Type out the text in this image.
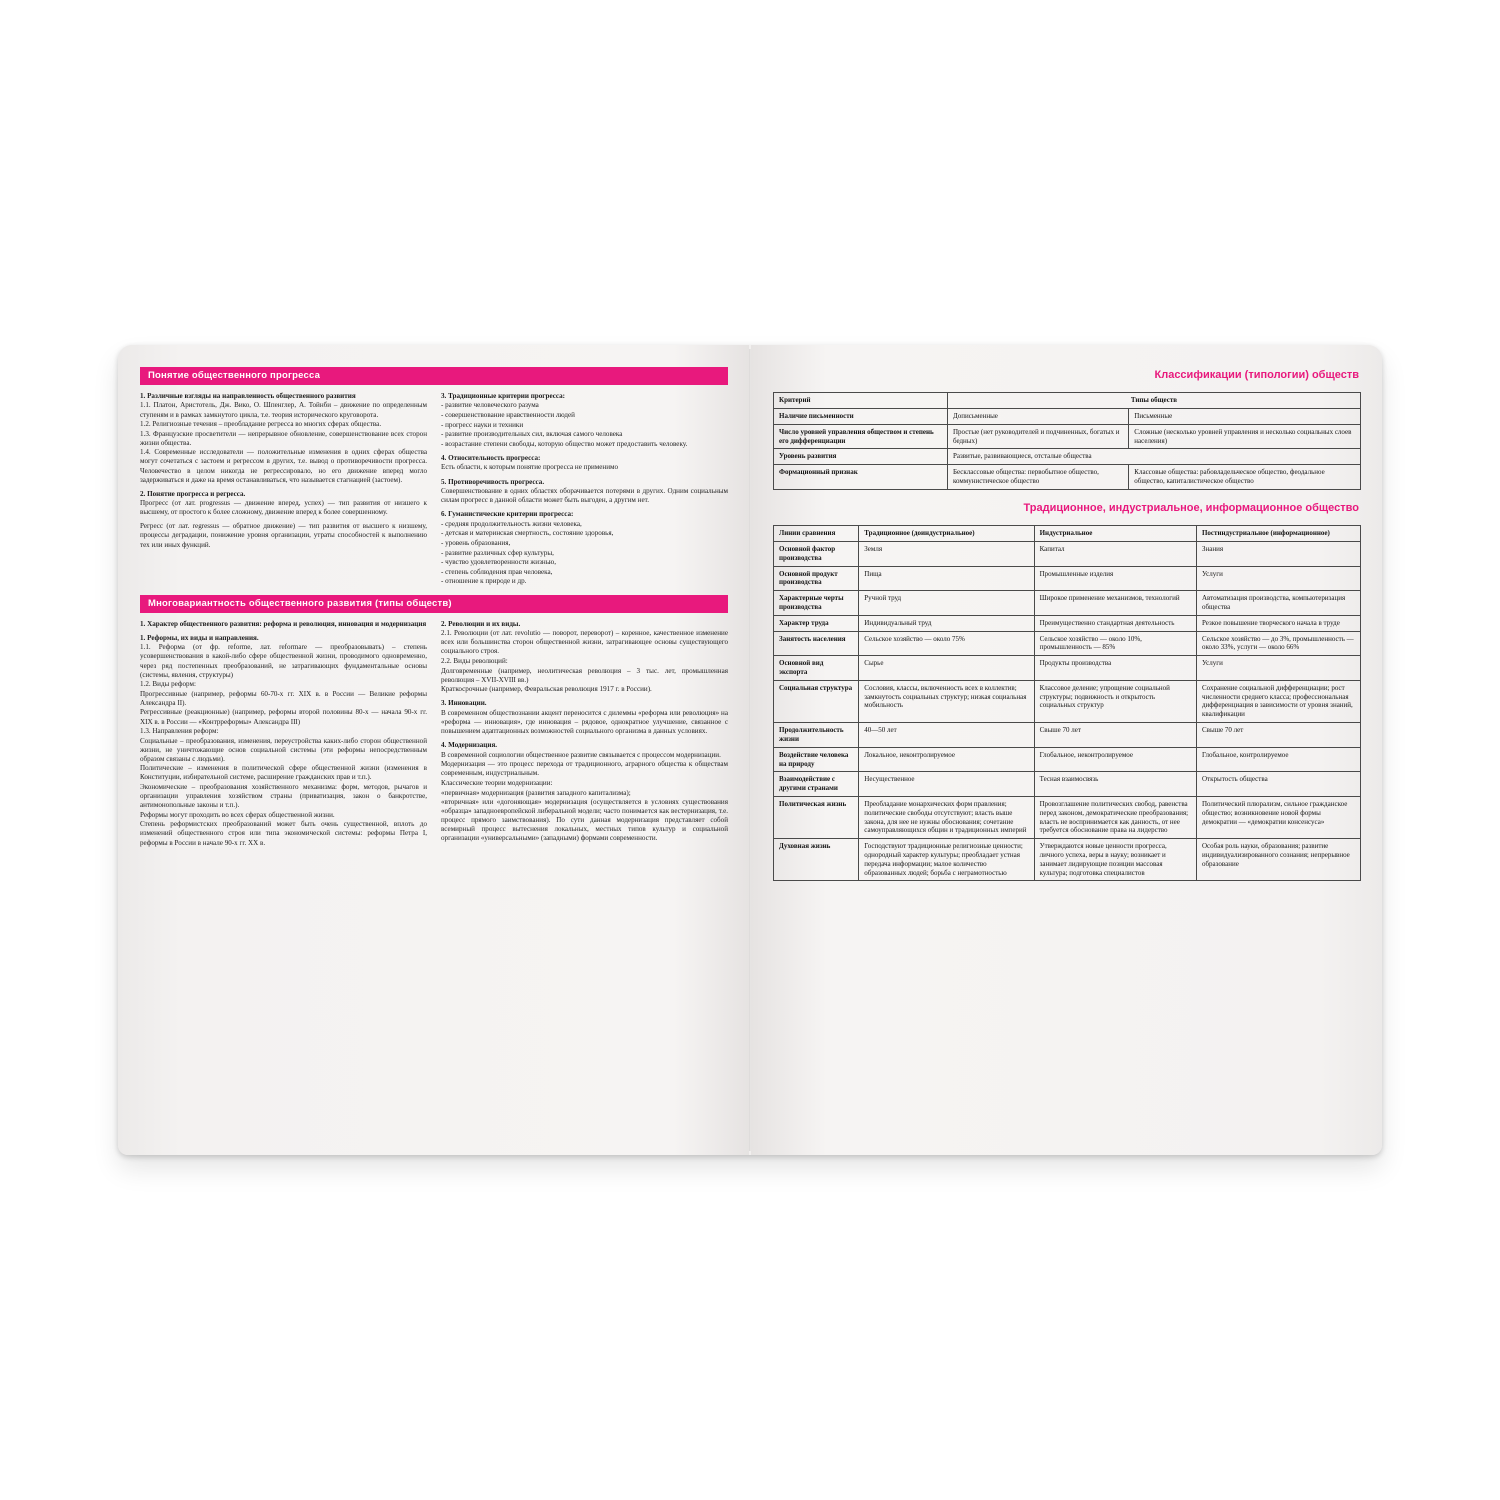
Понятие общественного прогресса

1. Различные взгляды на направленность общественного развития

1.1. Платон, Аристотель, Дж. Вико, О. Шпенглер, А. Тойнби – движение по определенным ступеням и в рамках замкнутого цикла, т.е. теория исторического круговорота.

1.2. Религиозные течения – преобладание регресса во многих сферах общества.

1.3. Французские просветители — непрерывное обновление, совершенствование всех сторон жизни общества.

1.4. Современные исследователи — положительные изменения в одних сферах общества могут сочетаться с застоем и регрессом в других, т.е. вывод о противоречивости прогресса. Человечество в целом никогда не регрессировало, но его движение вперед могло задерживаться и даже на время останавливаться, что называется стагнацией (застоем).

2. Понятие прогресса и регресса.

Прогресс (от лат. progressus — движение вперед, успех) — тип развития от низшего к высшему, от простого к более сложному, движение вперед к более совершенному.

Регресс (от лат. regressus — обратное движение) — тип развития от высшего к низшему, процессы деградации, понижение уровня организации, утраты способностей к выполнению тех или иных функций.

3. Традиционные критерии прогресса:

- развитие человеческого разума

- совершенствование нравственности людей

- прогресс науки и техники

- развитие производительных сил, включая самого человека

- возрастание степени свободы, которую общество может предоставить человеку.

4. Относительность прогресса:

Есть области, к которым понятие прогресса не применимо

5. Противоречивость прогресса.

Совершенствование в одних областях оборачивается потерями в других. Одним социальным силам прогресс в данной области может быть выгоден, а другим нет.

6. Гуманистические критерии прогресса:

- средняя продолжительность жизни человека,

- детская и материнская смертность, состояние здоровья,

- уровень образования,

- развитие различных сфер культуры,

- чувство удовлетворенности жизнью,

- степень соблюдения прав человека,

- отношение к природе и др.

Многовариантность общественного развития (типы обществ)

1. Характер общественного развития: реформа и революция, инновация и модернизация

1. Реформы, их виды и направления.

1.1. Реформа (от фр. reforme, лат. reformare — преобразовывать) – степень усовершенствования в какой-либо сфере общественной жизни, проводимого одновременно, через ряд постепенных преобразований, не затрагивающих фундаментальные основы (системы, явления, структуры)

1.2. Виды реформ:

Прогрессивные (например, реформы 60-70-х гг. XIX в. в России — Великие реформы Александра II).

Регрессивные (реакционные) (например, реформы второй половины 80-х — начала 90-х гг. XIX в. в России — «Контрреформы» Александра III)

1.3. Направления реформ:

Социальные – преобразования, изменения, переустройства каких-либо сторон общественной жизни, не уничтожающие основ социальной системы (эти реформы непосредственным образом связаны с людьми).

Политические – изменения в политической сфере общественной жизни (изменения в Конституции, избирательной системе, расширение гражданских прав и т.п.).

Экономические – преобразования хозяйственного механизма: форм, методов, рычагов и организации управления хозяйством страны (приватизация, закон о банкротстве, антимонопольные законы и т.п.).

Реформы могут проходить во всех сферах общественной жизни.

Степень реформистских преобразований может быть очень существенной, вплоть до изменений общественного строя или типа экономической системы: реформы Петра I, реформы в России в начале 90-х гг. XX в.

2. Революции и их виды.

2.1. Революции (от лат. revolutio — поворот, переворот) – коренное, качественное изменение всех или большинства сторон общественной жизни, затрагивающее основы существующего социального строя.

2.2. Виды революций:

Долговременные (например, неолитическая революция – 3 тыс. лет, промышленная революция – XVII-XVIII вв.)

Краткосрочные (например, Февральская революция 1917 г. в России).

3. Инновации.

В современном обществознании акцент переносится с дилеммы «реформа или революция» на «реформа — инновация», где инновация – рядовое, однократное улучшение, связанное с повышением адаптационных возможностей социального организма в данных условиях.

4. Модернизация.

В современной социологии общественное развитие связывается с процессом модернизации.

Модернизация — это процесс перехода от традиционного, аграрного общества к обществам современным, индустриальным.

Классические теории модернизации:

«первичная» модернизация (развития западного капитализма);

«вторичная» или «догоняющая» модернизация (осуществляется в условиях существования «образца» западноевропейской либеральной модели; часто понимается как вестернизация, т.е. процесс прямого заимствования). По сути данная модернизация представляет собой всемирный процесс вытеснения локальных, местных типов культур и социальной организации «универсальными» (западными) формами современности.

Классификации (типологии) обществ
Критерий	Типы обществ	
Наличие письменности	Дописьменные	Письменные
Число уровней управления обществом и степень его дифференциации	Простые (нет руководителей и подчиненных, богатых и бедных)	Сложные (несколько уровней управления и несколько социальных слоев населения)
Уровень развития	Развитые, развивающиеся, отсталые общества	
Формационный признак	Бесклассовые общества: первобытное общество, коммунистическое общество	Классовые общества: рабовладельческое общество, феодальное общество, капиталистическое общество
Традиционное, индустриальное, информационное общество
Линии сравнения	Традиционное (доиндустриальное)	Индустриальное	Постиндустриальное (информационное)
Основной фактор производства	Земля	Капитал	Знания
Основной продукт производства	Пища	Промышленные изделия	Услуги
Характерные черты производства	Ручной труд	Широкое применение механизмов, технологий	Автоматизация производства, компьютеризация общества
Характер труда	Индивидуальный труд	Преимущественно стандартная деятельность	Резкое повышение творческого начала в труде
Занятость населения	Сельское хозяйство — около 75%	Сельское хозяйство — около 10%, промышленность — 85%	Сельское хозяйство — до 3%, промышленность — около 33%, услуги — около 66%
Основной вид экспорта	Сырье	Продукты производства	Услуги
Социальная структура	Сословия, классы, включенность всех в коллектив; замкнутость социальных структур; низкая социальная мобильность	Классовое деление; упрощение социальной структуры; подвижность и открытость социальных структур	Сохранение социальной дифференциации; рост численности среднего класса; профессиональная дифференциация в зависимости от уровня знаний, квалификации
Продолжительность жизни	40—50 лет	Свыше 70 лет	Свыше 70 лет
Воздействие человека на природу	Локальное, неконтролируемое	Глобальное, неконтролируемое	Глобальное, контролируемое
Взаимодействие с другими странами	Несущественное	Тесная взаимосвязь	Открытость общества
Политическая жизнь	Преобладание монархических форм правления; политические свободы отсутствуют; власть выше закона, для нее не нужны обоснования; сочетание самоуправляющихся общин и традиционных империй	Провозглашение политических свобод, равенства перед законом, демократические преобразования; власть не воспринимается как данность, от нее требуется обоснование права на лидерство	Политический плюрализм, сильное гражданское общество; возникновение новой формы демократии — «демократии консенсуса»
Духовная жизнь	Господствуют традиционные религиозные ценности; однородный характер культуры; преобладает устная передача информации; малое количество образованных людей; борьба с неграмотностью	Утверждаются новые ценности прогресса, личного успеха, веры в науку; возникает и занимает лидирующие позиции массовая культура; подготовка специалистов	Особая роль науки, образования; развитие индивидуализированного сознания; непрерывное образование
